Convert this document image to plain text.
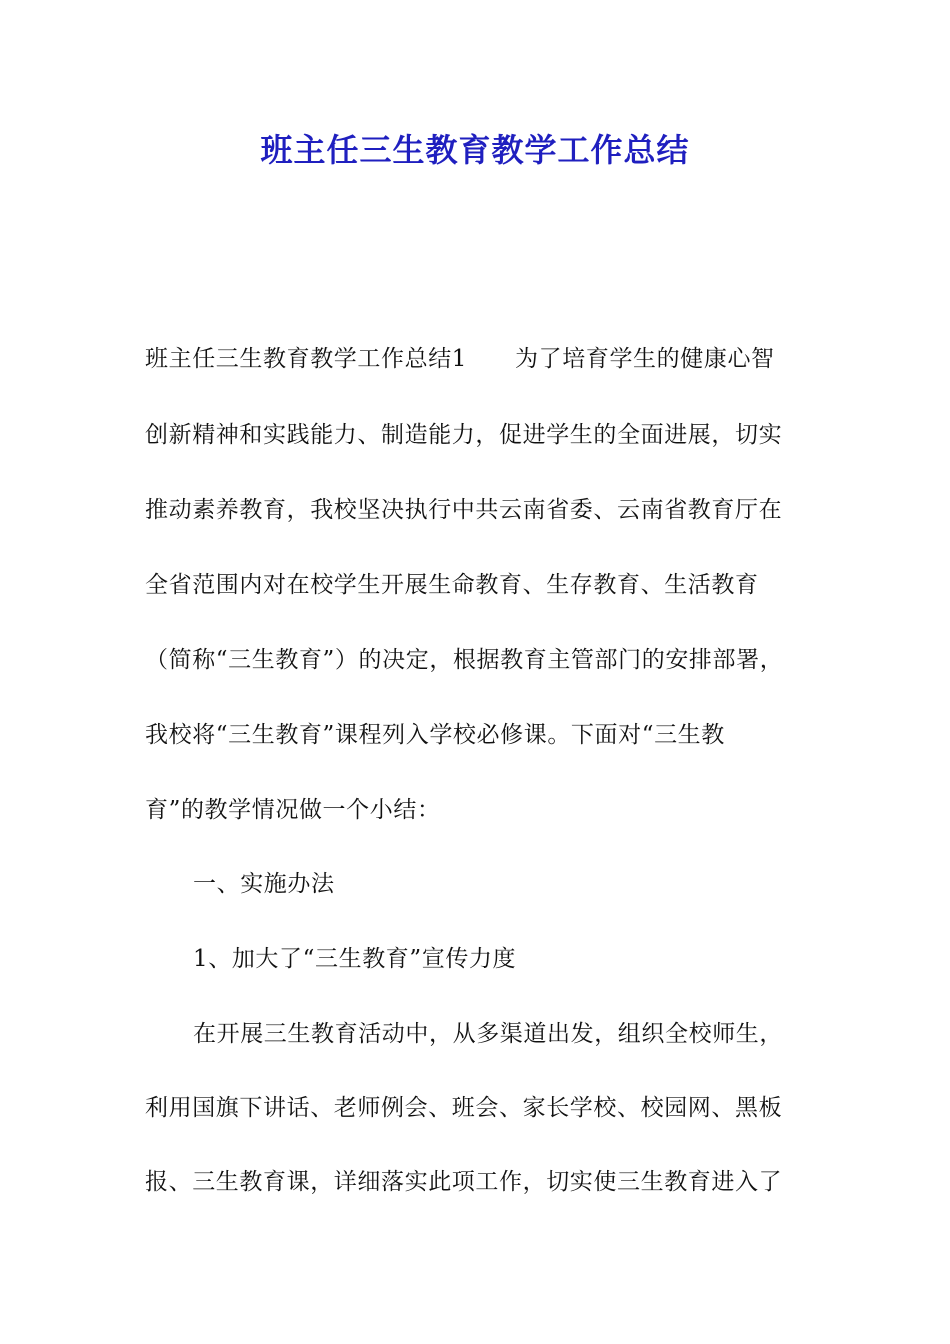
班主任三生教育教学工作总结
班主任三生教育教学工作总结1 为了培育学生的健康心智
创新精神和实践能力、制造能力，促进学生的全面进展，切实
推动素养教育，我校坚决执行中共云南省委、云南省教育厅在
全省范围内对在校学生开展生命教育、生存教育、生活教育
（简称“三生教育”）的决定，根据教育主管部门的安排部署，
我校将“三生教育”课程列入学校必修课。下面对“三生教
育”的教学情况做一个小结：
一、实施办法
1、加大了“三生教育”宣传力度
在开展三生教育活动中，从多渠道出发，组织全校师生，
利用国旗下讲话、老师例会、班会、家长学校、校园网、黑板
报、三生教育课，详细落实此项工作，切实使三生教育进入了
